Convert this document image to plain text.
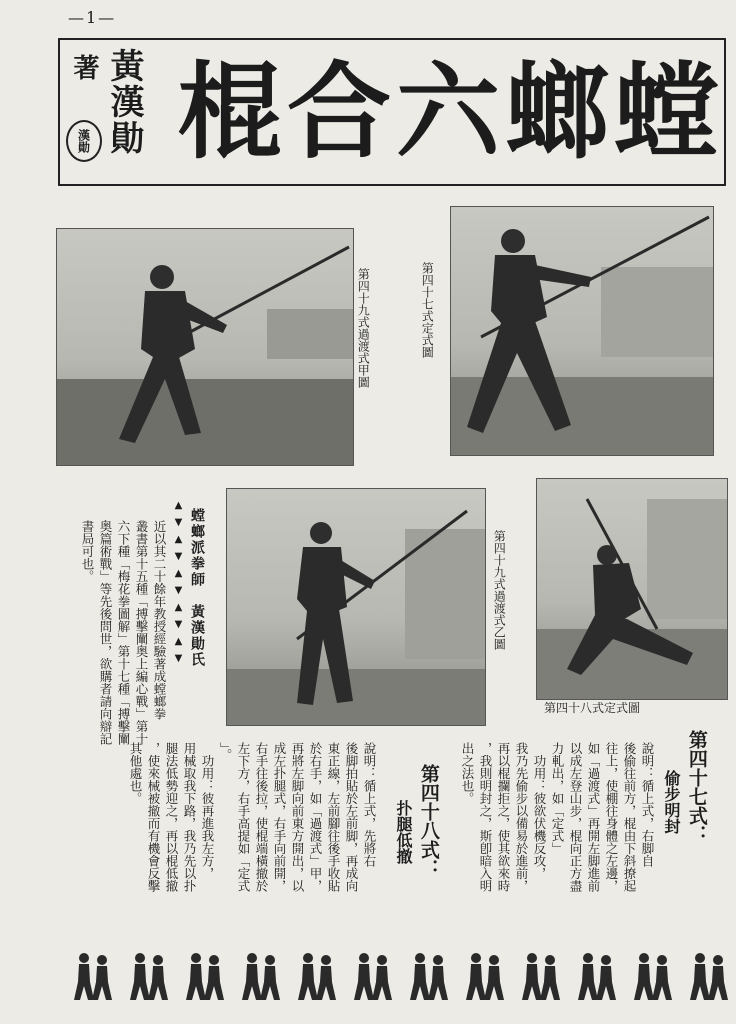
—1—
著
漢勛 黃漢勛	螳
螂
六
合
棍
第四十九式過渡式甲圖	第四十七式定式圖
第四十九式過渡式乙圖
第四十八式定式圖
螳螂派拳師　黃漢勛氏
▲▼▲▼▲▼▲▼▲▼
近以其二十餘年教授經驗著成螳螂拳
叢書第十五種「搏擊闡奥上編心戰」第十
六下種「梅花拳圖解」第十七種「搏擊闡
奥篇術戰」等先後問世，欲購者請向辯記
書局可也。
第四十七式：
偷步明封
說明：循上式，右脚自
後偷往前方，棍由下斜撩起
往上，使棚往身體之左邊，
如「過渡式」再開左脚進前
以成左登山步，棍向正方盡
力軋出，如「定式」
　功用：彼欲伏機反攻，
我乃先偷步以備易於進前，
再以棍攔拒之，使其欲來時
，我則明封之，斯卽暗入明
出之法也。
第四十八式：
扑腿低撤
說明：循上式，先將右
後脚拍貼於左前脚，再成向
東正線，左前腳往後手收貼
於右手，如「過渡式」甲，
再將左脚向前東方開出，以
成左扑腿式，右手向前開，
右手往後拉，使棍端橫撤於
左下方，右手高提如「定式
」。
　功用：彼再進我左方，
用械取我下路，我乃先以扑
腿法低勢迎之，再以棍低撤
，使來械被撤而有機會反擊
其他處也。
